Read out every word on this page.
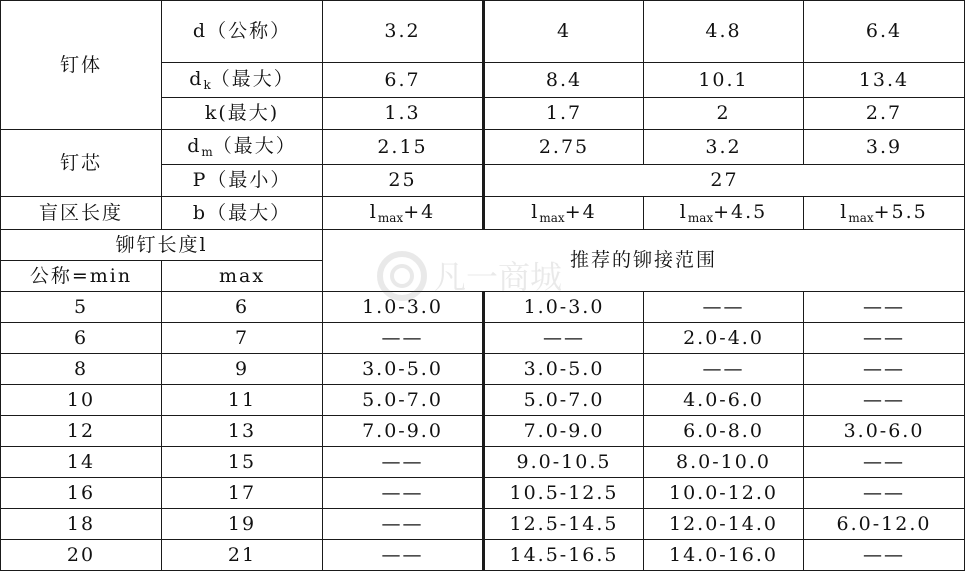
钉体	d（公称）	3.2	4	4.8	6.4
	$d_k$（最大）	6.7	8.4	10.1	13.4
	k(最大)	1.3	1.7	2	2.7
钉芯	$d_m$（最大）	2.15	2.75	3.2	3.9
	P（最小）	25	27		
盲区长度	b（最大）	$l_{max}+4$	$l_{max}+4$	$l_{max}+4.5$	$l_{max}+5.5$
铆钉长度l		推荐的铆接范围			
公称=min	max				
5	6	1.0-3.0	1.0-3.0	——	——
6	7	——	——	2.0-4.0	——
8	9	3.0-5.0	3.0-5.0	——	——
10	11	5.0-7.0	5.0-7.0	4.0-6.0	——
12	13	7.0-9.0	7.0-9.0	6.0-8.0	3.0-6.0
14	15	——	9.0-10.5	8.0-10.0	——
16	17	——	10.5-12.5	10.0-12.0	——
18	19	——	12.5-14.5	12.0-14.0	6.0-12.0
20	21	——	14.5-16.5	14.0-16.0	——
凡一商城
